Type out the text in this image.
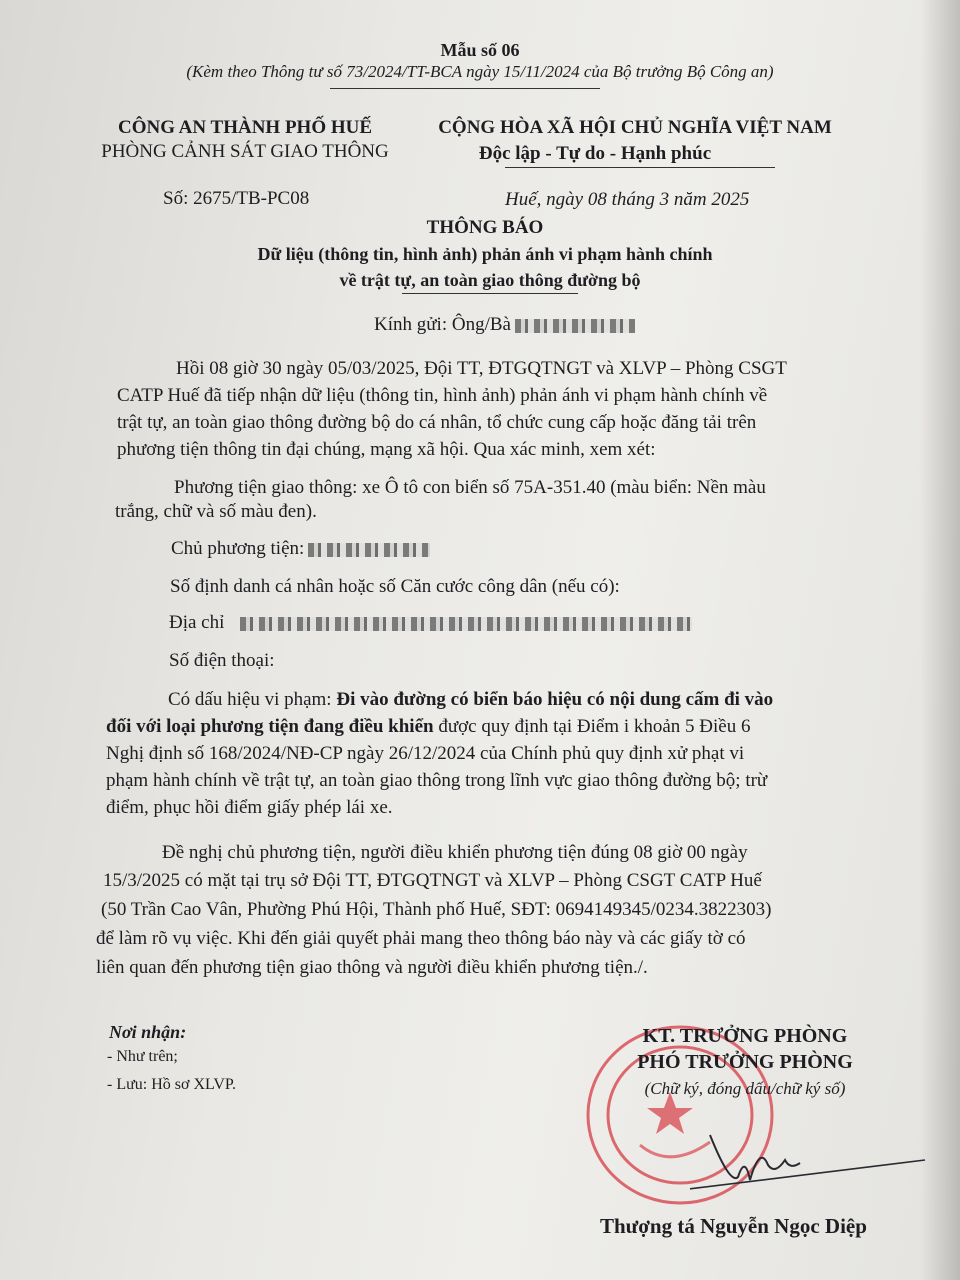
Mẫu số 06
(Kèm theo Thông tư số 73/2024/TT-BCA ngày 15/11/2024 của Bộ trưởng Bộ Công an)
CÔNG AN THÀNH PHỐ HUẾ
PHÒNG CẢNH SÁT GIAO THÔNG
CỘNG HÒA XÃ HỘI CHỦ NGHĨA VIỆT NAM
Độc lập - Tự do - Hạnh phúc
Số: 2675/TB-PC08	Huế, ngày 08 tháng 3 năm 2025
THÔNG BÁO
Dữ liệu (thông tin, hình ảnh) phản ánh vi phạm hành chính
về trật tự, an toàn giao thông đường bộ
Kính gửi: Ông/Bà
Hồi 08 giờ 30 ngày 05/03/2025, Đội TT, ĐTGQTNGT và XLVP – Phòng CSGT
CATP Huế đã tiếp nhận dữ liệu (thông tin, hình ảnh) phản ánh vi phạm hành chính về
trật tự, an toàn giao thông đường bộ do cá nhân, tổ chức cung cấp hoặc đăng tải trên
phương tiện thông tin đại chúng, mạng xã hội. Qua xác minh, xem xét:
Phương tiện giao thông: xe Ô tô con biển số 75A-351.40 (màu biển: Nền màu
trắng, chữ và số màu đen).
Chủ phương tiện:
Số định danh cá nhân hoặc số Căn cước công dân (nếu có):
Địa chỉ
Số điện thoại:
Có dấu hiệu vi phạm: Đi vào đường có biển báo hiệu có nội dung cấm đi vào
đối với loại phương tiện đang điều khiển được quy định tại Điểm i khoản 5 Điều 6
Nghị định số 168/2024/NĐ-CP ngày 26/12/2024 của Chính phủ quy định xử phạt vi
phạm hành chính về trật tự, an toàn giao thông trong lĩnh vực giao thông đường bộ; trừ
điểm, phục hồi điểm giấy phép lái xe.
Đề nghị chủ phương tiện, người điều khiển phương tiện đúng 08 giờ 00 ngày
15/3/2025 có mặt tại trụ sở Đội TT, ĐTGQTNGT và XLVP – Phòng CSGT CATP Huế
(50 Trần Cao Vân, Phường Phú Hội, Thành phố Huế, SĐT: 0694149345/0234.3822303)
để làm rõ vụ việc. Khi đến giải quyết phải mang theo thông báo này và các giấy tờ có
liên quan đến phương tiện giao thông và người điều khiển phương tiện./.
Nơi nhận:
- Như trên;
- Lưu: Hồ sơ XLVP.
KT. TRƯỞNG PHÒNG
PHÓ TRƯỞNG PHÒNG
(Chữ ký, đóng dấu/chữ ký số)
Thượng tá Nguyễn Ngọc Diệp
